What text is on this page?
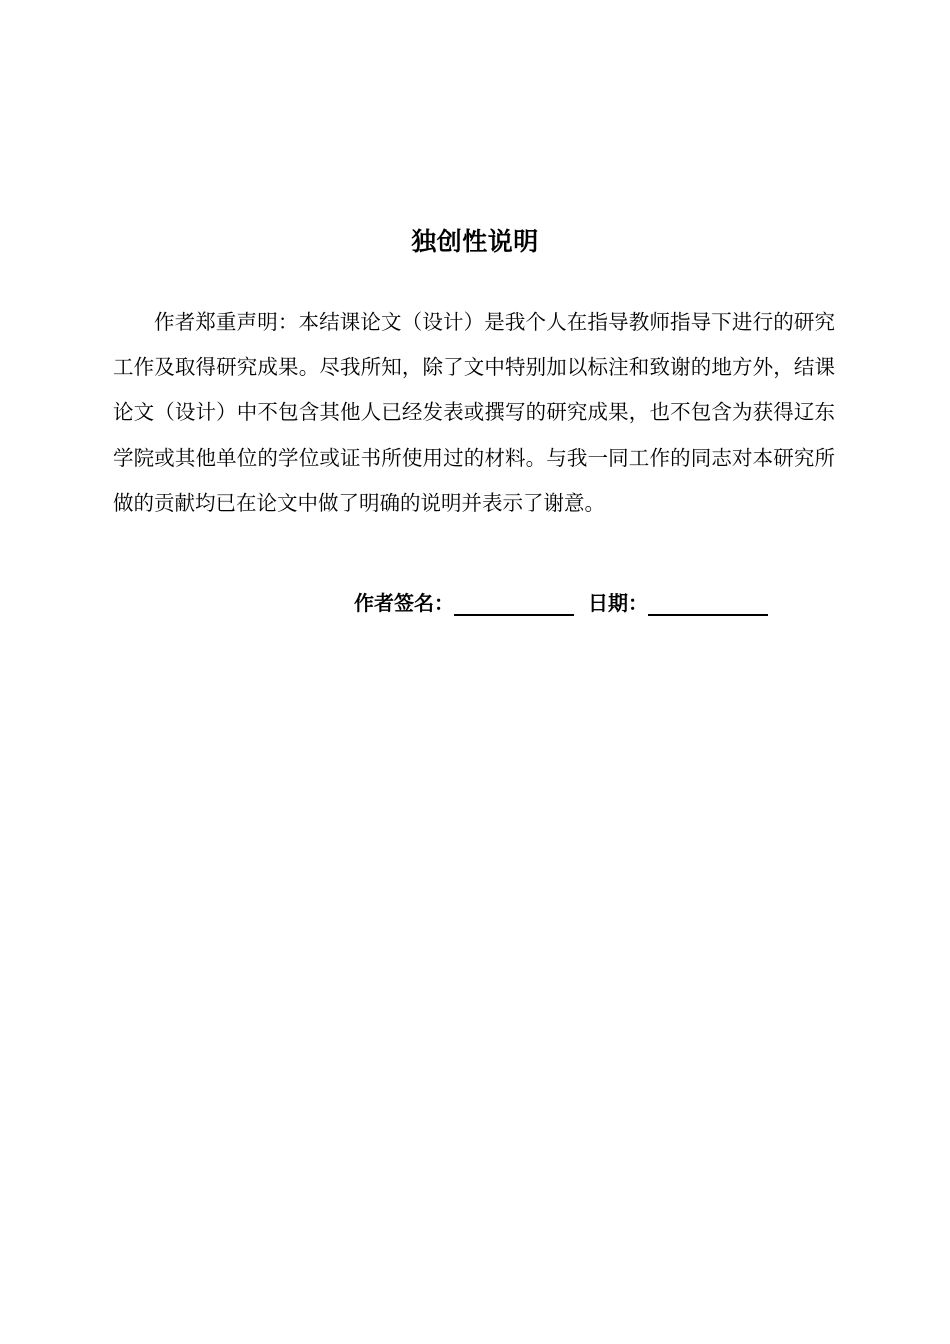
独创性说明

作者郑重声明：本结课论文（设计）是我个人在指导教师指导下进行的研究工作及取得研究成果。尽我所知，除了文中特别加以标注和致谢的地方外，结课论文（设计）中不包含其他人已经发表或撰写的研究成果，也不包含为获得辽东学院或其他单位的学位或证书所使用过的材料。与我一同工作的同志对本研究所做的贡献均已在论文中做了明确的说明并表示了谢意。

作者签名：	日期：
